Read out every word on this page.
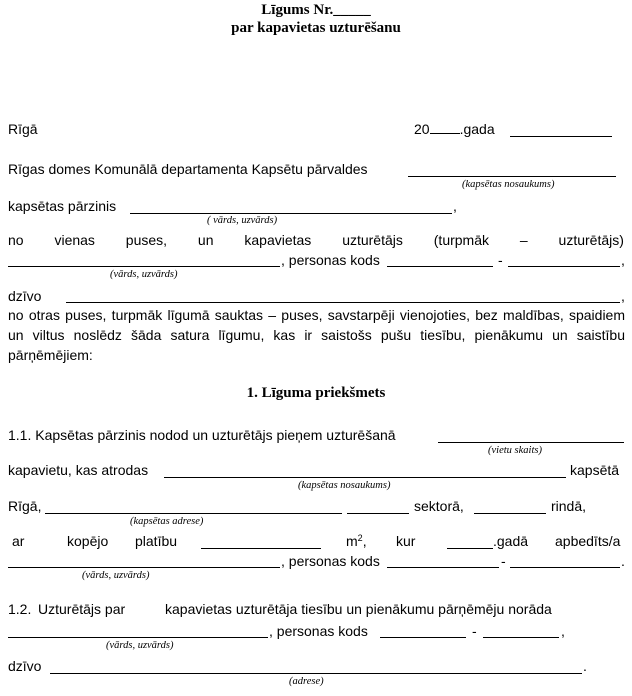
Līgums Nr._____
par kapavietas uzturēšanu
Rīgā	20 .gada
Rīgas domes Komunālā departamenta Kapsētu pārvaldes
(kapsētas nosaukums)
kapsētas pārzinis	,
( vārds, uzvārds)
no vienas puses, un kapavietas uzturētājs (turpmāk – uzturētājs)
, personas kods	-	,
(vārds, uzvārds)
dzīvo	,
no otras puses, turpmāk līgumā sauktas – puses, savstarpēji vienojoties, bez maldības, spaidiem un viltus noslēdz šāda satura līgumu, kas ir saistošs pušu tiesību, pienākumu un saistību pārņēmējiem:
1. Līguma priekšmets
1.1. Kapsētas pārzinis nodod un uzturētājs pieņem uzturēšanā
(vietu skaits)
kapavietu, kas atrodas	kapsētā
(kapsētas nosaukums)
Rīgā,	sektorā,	rindā,
(kapsētas adrese)
ar	kopējo platību	$m^2$, kur	.gadā apbedīts/a
, personas kods	-	.
(vārds, uzvārds)
1.2. Uzturētājs par	kapavietas uzturētāja tiesību un pienākumu pārņēmēju norāda
, personas kods	-	,
(vārds, uzvārds)
dzīvo	.
(adrese)
